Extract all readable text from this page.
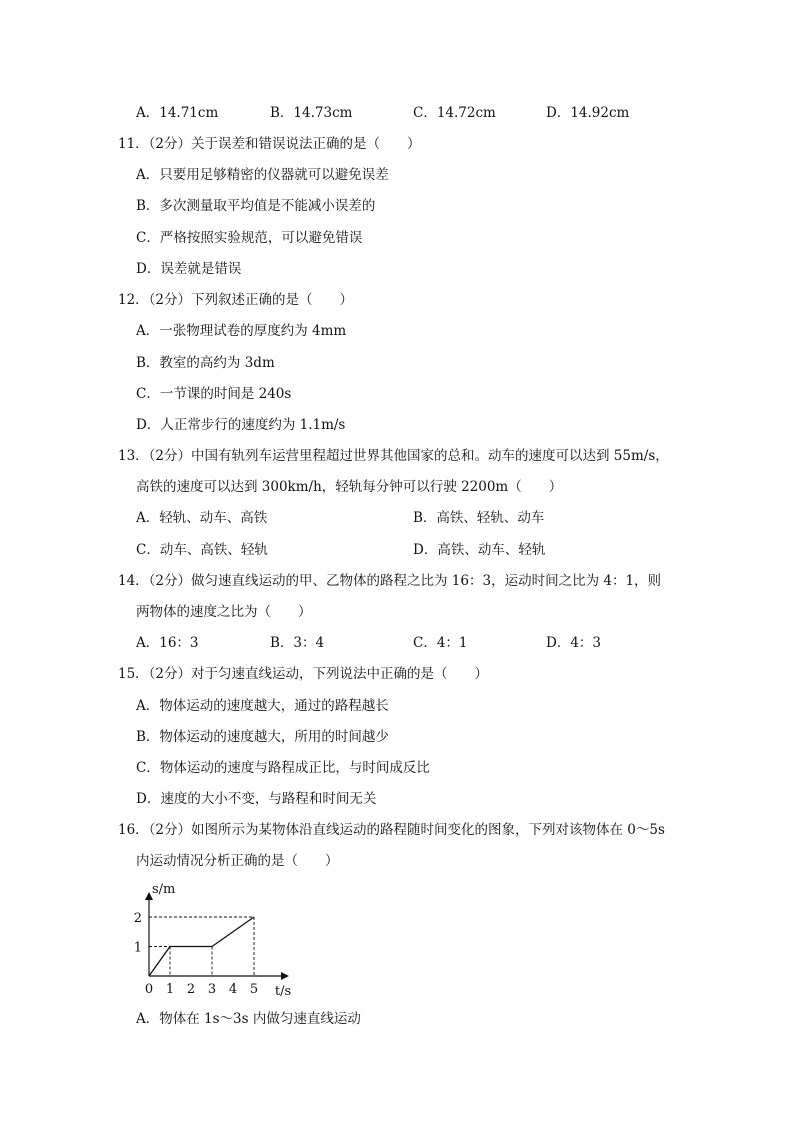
A．14.71cm	B．14.73cm	C．14.72cm	D．14.92cm
11．（2分）关于误差和错误说法正确的是（　　）
A．只要用足够精密的仪器就可以避免误差
B．多次测量取平均值是不能减小误差的
C．严格按照实验规范，可以避免错误
D．误差就是错误
12．（2分）下列叙述正确的是（　　）
A．一张物理试卷的厚度约为 4mm
B．教室的高约为 3dm
C．一节课的时间是 240s
D．人正常步行的速度约为 1.1m/s
13．（2分）中国有轨列车运营里程超过世界其他国家的总和。动车的速度可以达到 55m/s，
高铁的速度可以达到 300km/h，轻轨每分钟可以行驶 2200m（　　）
A．轻轨、动车、高铁	B．高铁、轻轨、动车
C．动车、高铁、轻轨	D．高铁、动车、轻轨
14．（2分）做匀速直线运动的甲、乙物体的路程之比为 16：3，运动时间之比为 4：1，则
两物体的速度之比为（　　）
A．16：3	B．3：4	C．4：1	D．4：3
15．（2分）对于匀速直线运动，下列说法中正确的是（　　）
A．物体运动的速度越大，通过的路程越长
B．物体运动的速度越大，所用的时间越少
C．物体运动的速度与路程成正比，与时间成反比
D．速度的大小不变，与路程和时间无关
16．（2分）如图所示为某物体沿直线运动的路程随时间变化的图象，下列对该物体在 0～5s
内运动情况分析正确的是（　　）
0 1 2 3 4 5
1
2
t/s
s/m
A．物体在 1s～3s 内做匀速直线运动
